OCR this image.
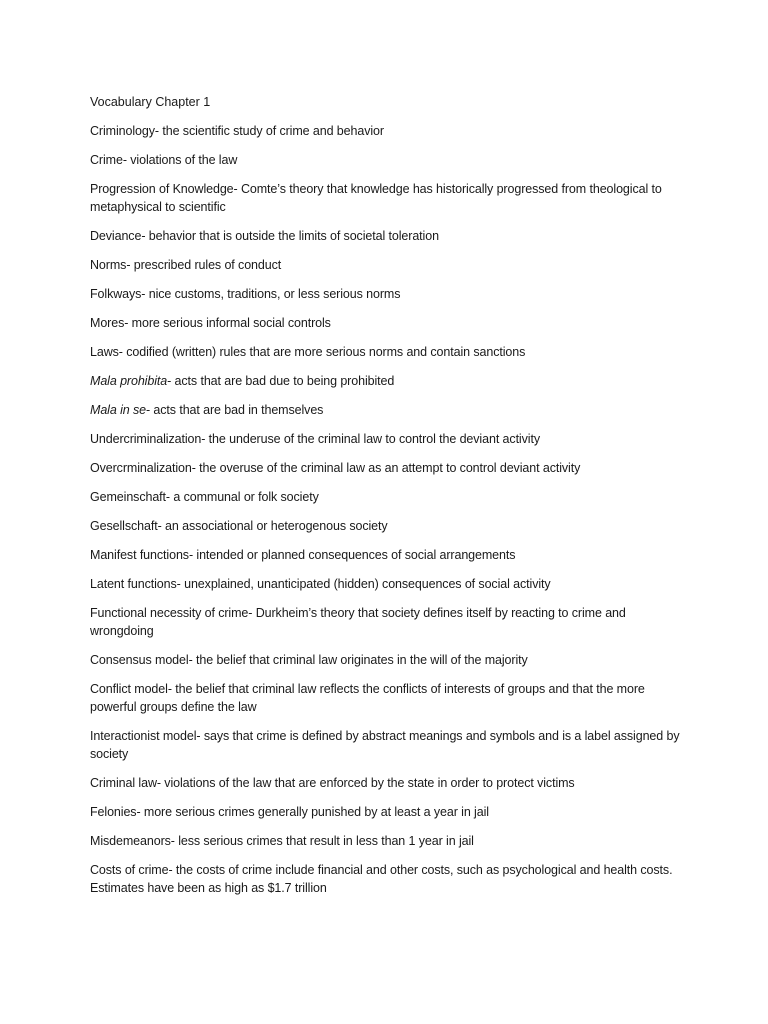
Vocabulary Chapter 1

Criminology- the scientific study of crime and behavior

Crime- violations of the law

Progression of Knowledge- Comte’s theory that knowledge has historically progressed from theological to metaphysical to scientific

Deviance- behavior that is outside the limits of societal toleration

Norms- prescribed rules of conduct

Folkways- nice customs, traditions, or less serious norms

Mores- more serious informal social controls

Laws- codified (written) rules that are more serious norms and contain sanctions

Mala prohibita- acts that are bad due to being prohibited

Mala in se- acts that are bad in themselves

Undercriminalization- the underuse of the criminal law to control the deviant activity

Overcrminalization- the overuse of the criminal law as an attempt to control deviant activity

Gemeinschaft- a communal or folk society

Gesellschaft- an associational or heterogenous society

Manifest functions- intended or planned consequences of social arrangements

Latent functions- unexplained, unanticipated (hidden) consequences of social activity

Functional necessity of crime- Durkheim’s theory that society defines itself by reacting to crime and wrongdoing

Consensus model- the belief that criminal law originates in the will of the majority

Conflict model- the belief that criminal law reflects the conflicts of interests of groups and that the more powerful groups define the law

Interactionist model- says that crime is defined by abstract meanings and symbols and is a label assigned by society

Criminal law- violations of the law that are enforced by the state in order to protect victims

Felonies- more serious crimes generally punished by at least a year in jail

Misdemeanors- less serious crimes that result in less than 1 year in jail

Costs of crime- the costs of crime include financial and other costs, such as psychological and health costs. Estimates have been as high as $1.7 trillion
